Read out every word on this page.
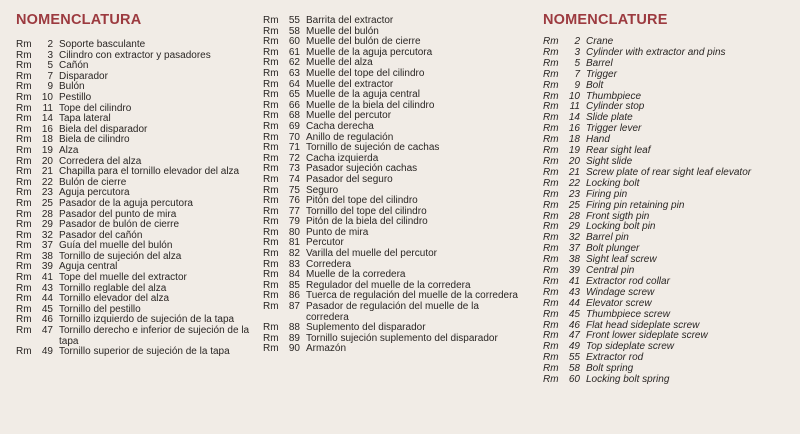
NOMENCLATURA
Rm	2 Soporte basculante
Rm	3 Cilindro con extractor y pasadores
Rm	5 Cañón
Rm	7 Disparador
Rm	9 Bulón
Rm	10 Pestillo
Rm	11 Tope del cilindro
Rm	14 Tapa lateral
Rm	16 Biela del disparador
Rm	18 Biela de cilindro
Rm	19 Alza
Rm	20 Corredera del alza
Rm	21 Chapilla para el tornillo elevador del alza
Rm	22 Bulón de cierre
Rm	23 Aguja percutora
Rm	25 Pasador de la aguja percutora
Rm	28 Pasador del punto de mira
Rm	29 Pasador de bulón de cierre
Rm	32 Pasador del cañón
Rm	37 Guía del muelle del bulón
Rm	38 Tornillo de sujeción del alza
Rm	39 Aguja central
Rm	41 Tope del muelle del extractor
Rm	43 Tornillo reglable del alza
Rm	44 Tornillo elevador del alza
Rm	45 Tornillo del pestillo
Rm	46 Tornillo izquierdo de sujeción de la tapa
Rm	47 Tornillo derecho e inferior de sujeción de la tapa
Rm	49 Tornillo superior de sujeción de la tapa
Rm	55 Barrita del extractor
Rm	58 Muelle del bulón
Rm	60 Muelle del bulón de cierre
Rm	61 Muelle de la aguja percutora
Rm	62 Muelle del alza
Rm	63 Muelle del tope del cilindro
Rm	64 Muelle del extractor
Rm	65 Muelle de la aguja central
Rm	66 Muelle de la biela del cilindro
Rm	68 Muelle del percutor
Rm	69 Cacha derecha
Rm	70 Anillo de regulación
Rm	71 Tornillo de sujeción de cachas
Rm	72 Cacha izquierda
Rm	73 Pasador sujeción cachas
Rm	74 Pasador del seguro
Rm	75 Seguro
Rm	76 Pitón del tope del cilindro
Rm	77 Tornillo del tope del cilindro
Rm	79 Pitón de la biela del cilindro
Rm	80 Punto de mira
Rm	81 Percutor
Rm	82 Varilla del muelle del percutor
Rm	83 Corredera
Rm	84 Muelle de la corredera
Rm	85 Regulador del muelle de la corredera
Rm	86 Tuerca de regulación del muelle de la corredera
Rm	87 Pasador de regulación del muelle de la corredera
Rm	88 Suplemento del disparador
Rm	89 Tornillo sujeción suplemento del disparador
Rm	90 Armazón
NOMENCLATURE
Rm	2 Crane
Rm	3 Cylinder with extractor and pins
Rm	5 Barrel
Rm	7 Trigger
Rm	9 Bolt
Rm	10 Thumbpiece
Rm	11 Cylinder stop
Rm	14 Slide plate
Rm	16 Trigger lever
Rm	18 Hand
Rm	19 Rear sight leaf
Rm	20 Sight slide
Rm	21 Screw plate of rear sight leaf elevator
Rm	22 Locking bolt
Rm	23 Firing pin
Rm	25 Firing pin retaining pin
Rm	28 Front sigth pin
Rm	29 Locking bolt pin
Rm	32 Barrel pin
Rm	37 Bolt plunger
Rm	38 Sight leaf screw
Rm	39 Central pin
Rm	41 Extractor rod collar
Rm	43 Windage screw
Rm	44 Elevator screw
Rm	45 Thumbpiece screw
Rm	46 Flat head sideplate screw
Rm	47 Front lower sideplate screw
Rm	49 Top sideplate screw
Rm	55 Extractor rod
Rm	58 Bolt spring
Rm	60 Locking bolt spring
